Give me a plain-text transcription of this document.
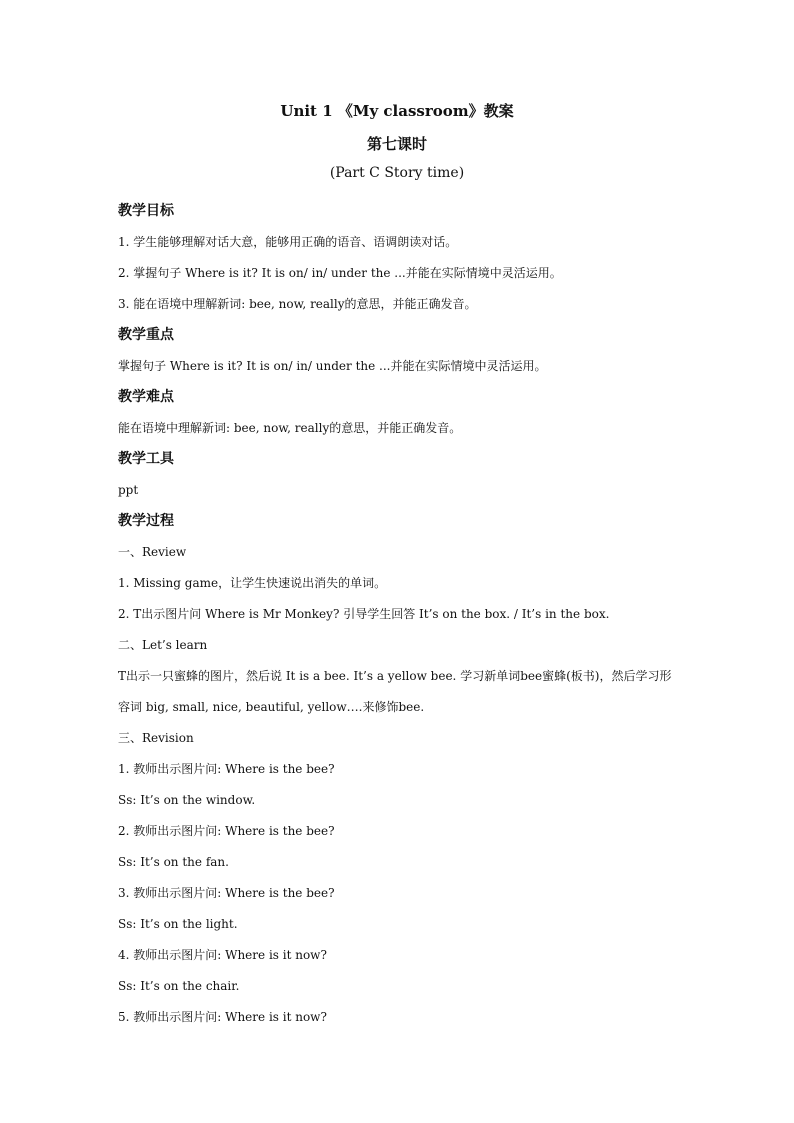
Unit 1 《My classroom》教案
第七课时
(Part C Story time)
教学目标
1. 学生能够理解对话大意，能够用正确的语音、语调朗读对话。
2. 掌握句子 Where is it? It is on/ in/ under the ...并能在实际情境中灵活运用。
3. 能在语境中理解新词: bee, now, really的意思，并能正确发音。
教学重点
掌握句子 Where is it? It is on/ in/ under the ...并能在实际情境中灵活运用。
教学难点
能在语境中理解新词: bee, now, really的意思，并能正确发音。
教学工具
ppt
教学过程
一、Review
1. Missing game，让学生快速说出消失的单词。
2. T出示图片问 Where is Mr Monkey? 引导学生回答 It’s on the box. / It’s in the box.
二、Let’s learn
T出示一只蜜蜂的图片，然后说 It is a bee. It’s a yellow bee. 学习新单词bee蜜蜂(板书)，然后学习形容词 big, small, nice, beautiful, yellow….来修饰bee.
三、Revision
1. 教师出示图片问: Where is the bee?
Ss: It’s on the window.
2. 教师出示图片问: Where is the bee?
Ss: It’s on the fan.
3. 教师出示图片问: Where is the bee?
Ss: It’s on the light.
4. 教师出示图片问: Where is it now?
Ss: It’s on the chair.
5. 教师出示图片问: Where is it now?
